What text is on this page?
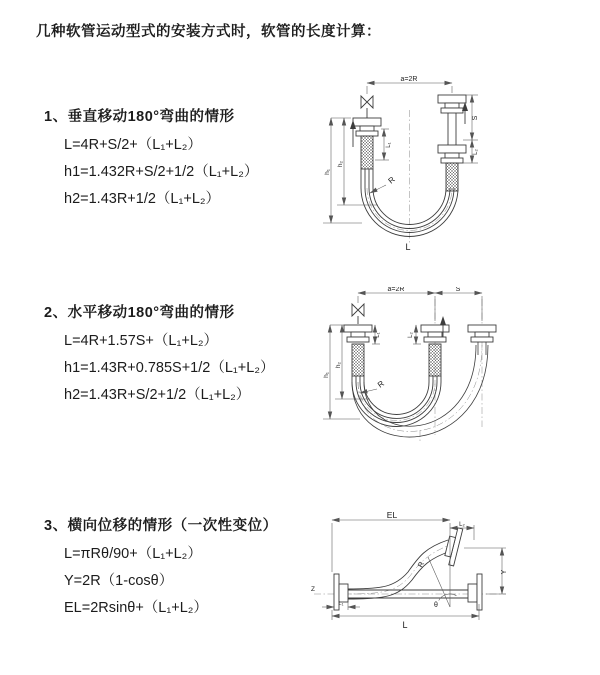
几种软管运动型式的安装方式时，软管的长度计算：
1、垂直移动180°弯曲的情形
L=4R+S/2+（L₁+L₂）
h1=1.432R+S/2+1/2（L₁+L₂）
h2=1.43R+1/2（L₁+L₂）
2、水平移动180°弯曲的情形
L=4R+1.57S+（L₁+L₂）
h1=1.43R+0.785S+1/2（L₁+L₂）
h2=1.43R+S/2+1/2（L₁+L₂）
3、横向位移的情形（一次性变位）
L=πRθ/90+（L₁+L₂）
Y=2R（1-cosθ）
EL=2Rsinθ+（L₁+L₂）
a=2R
h₁
h₂
L₁
S
L₂
R
L
a=2R	S
h₁
h₂
L₁	L₂
R
EL
L₂
Y
R
θ
Z
L₁
L
